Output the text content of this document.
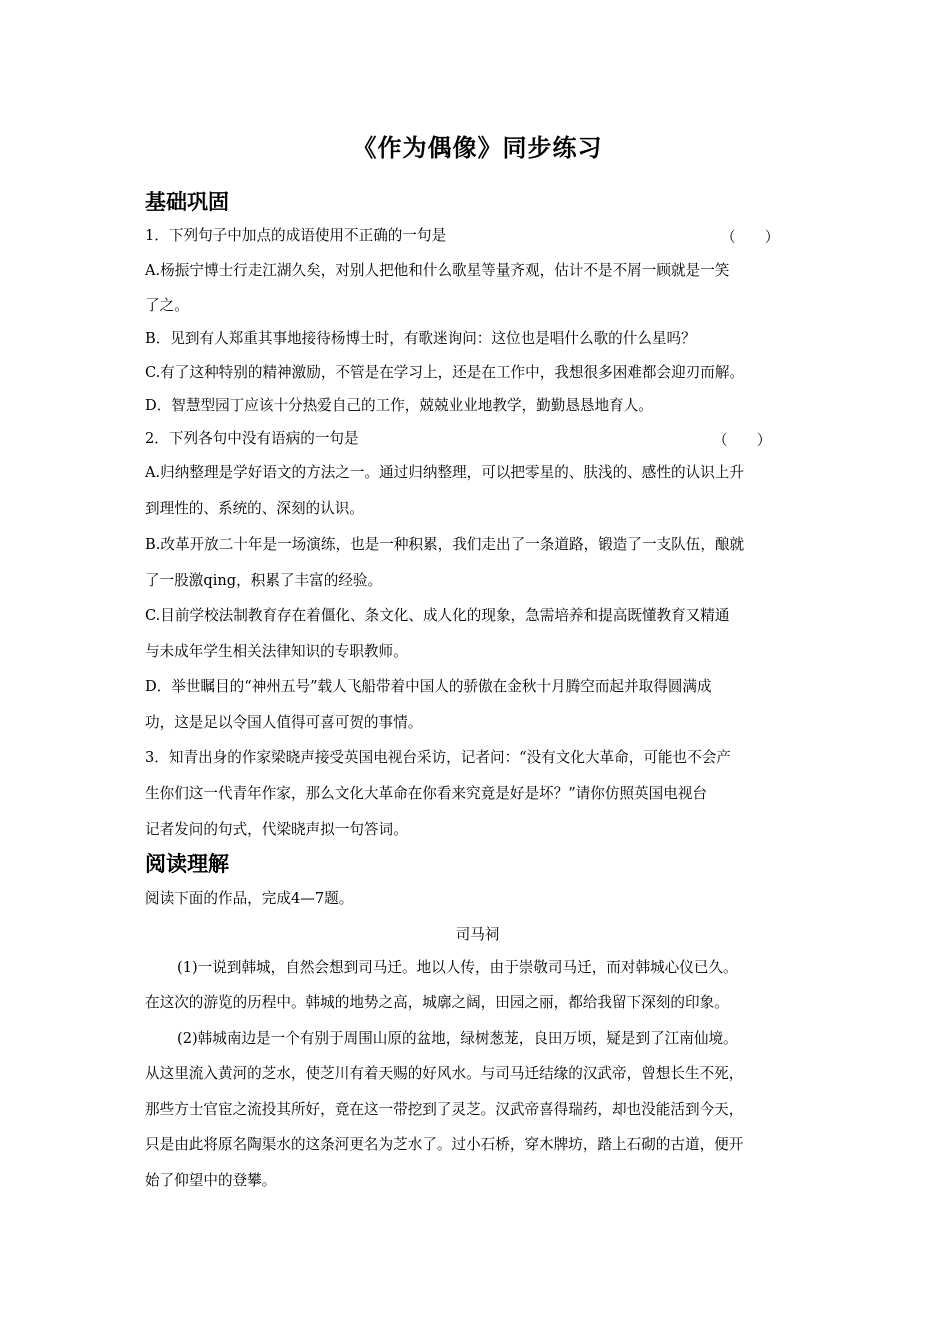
《作为偶像》同步练习
基础巩固
1．下列句子中加点的成语使用不正确的一句是	（　　）
A.杨振宁博士行走江湖久矣，对别人把他和什么歌星等量齐观，估计不是不屑一顾就是一笑
了之。
B．见到有人郑重其事地接待杨博士时，有歌迷询问：这位也是唱什么歌的什么星吗？
C.有了这种特别的精神激励，不管是在学习上，还是在工作中，我想很多困难都会迎刃而解。
D．智慧型园丁应该十分热爱自己的工作，兢兢业业地教学，勤勤恳恳地育人。
2．下列各句中没有语病的一句是	（　　）
A.归纳整理是学好语文的方法之一。通过归纳整理，可以把零星的、肤浅的、感性的认识上升
到理性的、系统的、深刻的认识。
B.改革开放二十年是一场演练，也是一种积累，我们走出了一条道路，锻造了一支队伍，酿就
了一股激qing，积累了丰富的经验。
C.目前学校法制教育存在着僵化、条文化、成人化的现象，急需培养和提高既懂教育又精通
与未成年学生相关法律知识的专职教师。
D．举世瞩目的“神州五号”载人飞船带着中国人的骄傲在金秋十月腾空而起并取得圆满成
功，这是足以令国人值得可喜可贺的事情。
3．知青出身的作家梁晓声接受英国电视台采访，记者问：“没有文化大革命，可能也不会产
生你们这一代青年作家，那么文化大革命在你看来究竟是好是坏？”请你仿照英国电视台
记者发问的句式，代梁晓声拟一句答词。
阅读理解
阅读下面的作品，完成4—7题。
司马祠
(1)一说到韩城，自然会想到司马迁。地以人传，由于崇敬司马迁，而对韩城心仪已久。
在这次的游览的历程中。韩城的地势之高，城廓之阔，田园之丽，都给我留下深刻的印象。
(2)韩城南边是一个有别于周围山原的盆地，绿树葱茏，良田万顷，疑是到了江南仙境。
从这里流入黄河的芝水，使芝川有着天赐的好风水。与司马迁结缘的汉武帝，曾想长生不死，
那些方士官宦之流投其所好，竟在这一带挖到了灵芝。汉武帝喜得瑞药，却也没能活到今天，
只是由此将原名陶渠水的这条河更名为芝水了。过小石桥，穿木牌坊，踏上石砌的古道，便开
始了仰望中的登攀。
